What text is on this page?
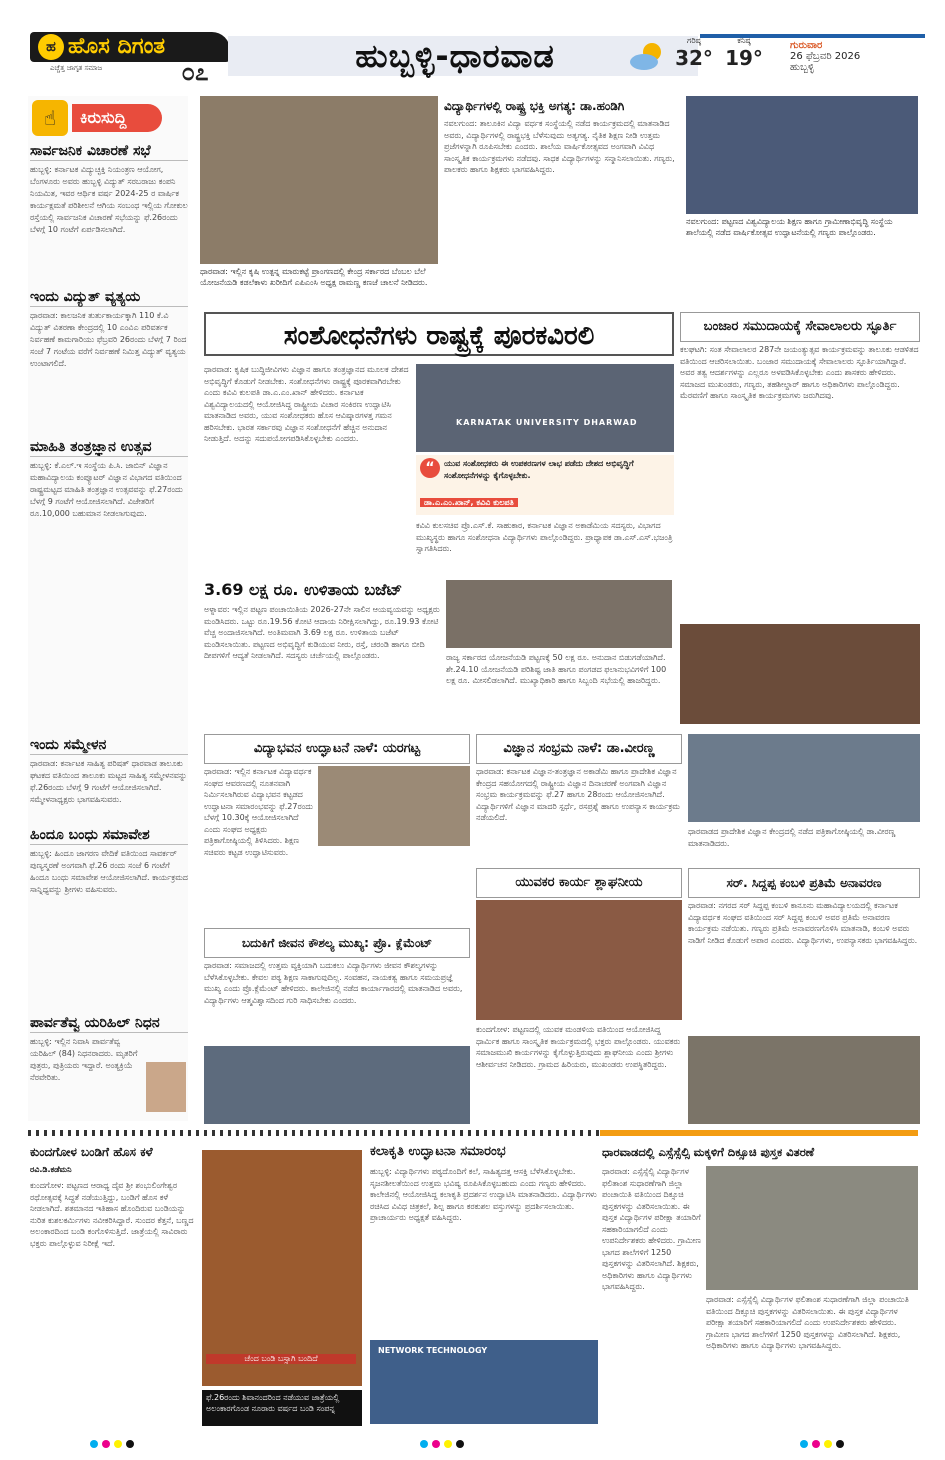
ಹೊಸ ದಿಗಂತ
ಹ
ಎಚ್ಚೆತ್ತ ಜಾಗೃತ ಸಮಾಜ	೦೭	ಹುಬ್ಬಳ್ಳಿ-ಧಾರವಾಡ	ಗರಿಷ್ಠ
32°
ಕನಿಷ್ಠ
19°
ಗುರುವಾರ
26 ಫೆಬ್ರವರಿ 2026
ಹುಬ್ಬಳ್ಳಿ
☝	ಕಿರುಸುದ್ದಿ
ಸಾರ್ವಜನಿಕ ವಿಚಾರಣೆ ಸಭೆ
ಹುಬ್ಬಳ್ಳಿ: ಕರ್ನಾಟಕ ವಿದ್ಯುಚ್ಛಕ್ತಿ ನಿಯಂತ್ರಣ ಆಯೋಗ, ಬೆಂಗಳೂರು ಅವರು ಹುಬ್ಬಳ್ಳಿ ವಿದ್ಯುತ್ ಸರಬರಾಜು ಕಂಪನಿ ನಿಯಮಿತ, ಇವರ ಆರ್ಥಿಕ ವರ್ಷ 2024-25 ರ ವಾರ್ಷಿಕ ಕಾರ್ಯಕ್ಷಮತೆ ಪರಿಶೀಲನೆ ಆಗಿಯ ಸಂಬಂಧ ಇಲ್ಲಿಯ ಗೋಕುಲ ರಸ್ತೆಯಲ್ಲಿ ಸಾರ್ವಜನಿಕ ವಿಚಾರಣೆ ಸಭೆಯನ್ನು ಫೆ.26ರಂದು ಬೆಳಗ್ಗೆ 10 ಗಂಟೆಗೆ ಏರ್ಪಡಿಸಲಾಗಿದೆ.
ಇಂದು ವಿದ್ಯುತ್ ವ್ಯತ್ಯಯ
ಧಾರವಾಡ: ಕಾಲಜನಿಕ ತುರ್ತುಕಾರ್ಯಕ್ಕಾಗಿ 110 ಕೆ.ವಿ ವಿದ್ಯುತ್ ವಿತರಣಾ ಕೇಂದ್ರದಲ್ಲಿ 10 ಎಂವಿಎ ಪರಿವರ್ತಕ ನಿರ್ವಹಣೆ ಕಾಮಗಾರಿಯು ಫೆಬ್ರವರಿ 26ರಂದು ಬೆಳಗ್ಗೆ 7 ರಿಂದ ಸಂಜೆ 7 ಗಂಟೆಯ ವರೆಗೆ ನಿರ್ವಹಣೆ ನಿಮಿತ್ತ ವಿದ್ಯುತ್ ವ್ಯತ್ಯಯ ಉಂಟಾಗಲಿದೆ.
ಮಾಹಿತಿ ತಂತ್ರಜ್ಞಾನ ಉತ್ಸವ
ಹುಬ್ಬಳ್ಳಿ: ಕೆ.ಎಲ್.ಇ ಸಂಸ್ಥೆಯ ಪಿ.ಸಿ. ಜಾಬಿನ್ ವಿಜ್ಞಾನ ಮಹಾವಿದ್ಯಾಲಯ ಕಂಪ್ಯೂಟರ್ ವಿಜ್ಞಾನ ವಿಭಾಗದ ವತಿಯಿಂದ ರಾಷ್ಟ್ರಮಟ್ಟದ ಮಾಹಿತಿ ತಂತ್ರಜ್ಞಾನ ಉತ್ಸವವನ್ನು ಫೆ.27ರಂದು ಬೆಳಗ್ಗೆ 9 ಗಂಟೆಗೆ ಆಯೋಜಿಸಲಾಗಿದೆ. ವಿಜೇತರಿಗೆ ರೂ.10,000 ಬಹುಮಾನ ನೀಡಲಾಗುವುದು.
ಇಂದು ಸಮ್ಮೇಳನ
ಧಾರವಾಡ: ಕರ್ನಾಟಕ ಸಾಹಿತ್ಯ ಪರಿಷತ್ ಧಾರವಾಡ ತಾಲೂಕು ಘಟಕದ ವತಿಯಿಂದ ತಾಲೂಕು ಮಟ್ಟದ ಸಾಹಿತ್ಯ ಸಮ್ಮೇಳನವನ್ನು ಫೆ.26ರಂದು ಬೆಳಗ್ಗೆ 9 ಗಂಟೆಗೆ ಆಯೋಜಿಸಲಾಗಿದೆ. ಸಮ್ಮೇಳನಾಧ್ಯಕ್ಷರು ಭಾಗವಹಿಸುವರು.
ಹಿಂದೂ ಬಂಧು ಸಮಾವೇಶ
ಹುಬ್ಬಳ್ಳಿ: ಹಿಂದೂ ಜಾಗರಣ ವೇದಿಕೆ ವತಿಯಿಂದ ಸಾವರ್ಕರ್ ಪುಣ್ಯಸ್ಮರಣೆ ಅಂಗವಾಗಿ ಫೆ.26 ರಂದು ಸಂಜೆ 6 ಗಂಟೆಗೆ ಹಿಂದೂ ಬಂಧು ಸಮಾವೇಶ ಆಯೋಜಿಸಲಾಗಿದೆ. ಕಾರ್ಯಕ್ರಮದ ಸಾನ್ನಿಧ್ಯವನ್ನು ಶ್ರೀಗಳು ವಹಿಸುವರು.
ಪಾರ್ವತೆವ್ವ ಯರಿಹಿಲ್ ನಿಧನ
ಹುಬ್ಬಳ್ಳಿ: ಇಲ್ಲಿನ ನಿವಾಸಿ ಪಾರ್ವತೆವ್ವ ಯರಿಹಿಲ್ (84) ನಿಧನರಾದರು. ಮೃತರಿಗೆ ಪುತ್ರರು, ಪುತ್ರಿಯರು ಇದ್ದಾರೆ. ಅಂತ್ಯಕ್ರಿಯೆ ನೆರವೇರಿತು.
ಧಾರವಾಡ: ಇಲ್ಲಿನ ಕೃಷಿ ಉತ್ಪನ್ನ ಮಾರುಕಟ್ಟೆ ಪ್ರಾಂಗಣದಲ್ಲಿ ಕೇಂದ್ರ ಸರ್ಕಾರದ ಬೆಂಬಲ ಬೆಲೆ ಯೋಜನೆಯಡಿ ಕಡಲೆಕಾಳು ಖರೀದಿಗೆ ಎಪಿಎಂಸಿ ಅಧ್ಯಕ್ಷ ರಾಮಣ್ಣ ಕಣಜೆ ಚಾಲನೆ ನೀಡಿದರು.
ವಿದ್ಯಾರ್ಥಿಗಳಲ್ಲಿ ರಾಷ್ಟ್ರ ಭಕ್ತಿ ಅಗತ್ಯ: ಡಾ.ಹಂಡಿಗಿ
ನವಲಗುಂದ: ತಾಲೂಕಿನ ವಿದ್ಯಾ ವರ್ಧಕ ಸಂಸ್ಥೆಯಲ್ಲಿ ನಡೆದ ಕಾರ್ಯಕ್ರಮದಲ್ಲಿ ಮಾತನಾಡಿದ ಅವರು, ವಿದ್ಯಾರ್ಥಿಗಳಲ್ಲಿ ರಾಷ್ಟ್ರಭಕ್ತಿ ಬೆಳೆಸುವುದು ಅತ್ಯಗತ್ಯ. ನೈತಿಕ ಶಿಕ್ಷಣ ನೀಡಿ ಉತ್ತಮ ಪ್ರಜೆಗಳನ್ನಾಗಿ ರೂಪಿಸಬೇಕು ಎಂದರು. ಶಾಲೆಯ ವಾರ್ಷಿಕೋತ್ಸವದ ಅಂಗವಾಗಿ ವಿವಿಧ ಸಾಂಸ್ಕೃತಿಕ ಕಾರ್ಯಕ್ರಮಗಳು ನಡೆದವು. ಸಾಧಕ ವಿದ್ಯಾರ್ಥಿಗಳನ್ನು ಸನ್ಮಾನಿಸಲಾಯಿತು. ಗಣ್ಯರು, ಪಾಲಕರು ಹಾಗೂ ಶಿಕ್ಷಕರು ಭಾಗವಹಿಸಿದ್ದರು.
ನವಲಗುಂದ: ಪಟ್ಟಣದ ವಿಶ್ವವಿದ್ಯಾಲಯ ಶಿಕ್ಷಣ ಹಾಗೂ ಗ್ರಾಮೀಣಾಭಿವೃದ್ಧಿ ಸಂಸ್ಥೆಯ ಶಾಲೆಯಲ್ಲಿ ನಡೆದ ವಾರ್ಷಿಕೋತ್ಸವ ಉದ್ಘಾಟನೆಯಲ್ಲಿ ಗಣ್ಯರು ಪಾಲ್ಗೊಂಡರು.
ಸಂಶೋಧನೆಗಳು ರಾಷ್ಟ್ರಕ್ಕೆ ಪೂರಕವಿರಲಿ
ಧಾರವಾಡ: ಕೃಷಿಕ ಬುದ್ಧಿಜೀವಿಗಳು ವಿಜ್ಞಾನ ಹಾಗೂ ತಂತ್ರಜ್ಞಾನದ ಮೂಲಕ ದೇಶದ ಅಭಿವೃದ್ಧಿಗೆ ಕೊಡುಗೆ ನೀಡಬೇಕು. ಸಂಶೋಧನೆಗಳು ರಾಷ್ಟ್ರಕ್ಕೆ ಪೂರಕವಾಗಿರಬೇಕು ಎಂದು ಕವಿವಿ ಕುಲಪತಿ ಡಾ.ಎ.ಎಂ.ಖಾನ್ ಹೇಳಿದರು. ಕರ್ನಾಟಕ ವಿಶ್ವವಿದ್ಯಾಲಯದಲ್ಲಿ ಆಯೋಜಿಸಿದ್ದ ರಾಷ್ಟ್ರೀಯ ವಿಚಾರ ಸಂಕಿರಣ ಉದ್ಘಾಟಿಸಿ ಮಾತನಾಡಿದ ಅವರು, ಯುವ ಸಂಶೋಧಕರು ಹೊಸ ಆವಿಷ್ಕಾರಗಳತ್ತ ಗಮನ ಹರಿಸಬೇಕು. ಭಾರತ ಸರ್ಕಾರವು ವಿಜ್ಞಾನ ಸಂಶೋಧನೆಗೆ ಹೆಚ್ಚಿನ ಅನುದಾನ ನೀಡುತ್ತಿದೆ. ಅದನ್ನು ಸದುಪಯೋಗಪಡಿಸಿಕೊಳ್ಳಬೇಕು ಎಂದರು.
KARNATAK UNIVERSITY DHARWAD
“	ಯುವ ಸಂಶೋಧಕರು ಈ ಉಪಕರಣಗಳ ಲಾಭ ಪಡೆದು ದೇಶದ ಅಭಿವೃದ್ಧಿಗೆ ಸಂಶೋಧನೆಗಳನ್ನು ಕೈಗೊಳ್ಳಬೇಕು.
ಡಾ.ಎ.ಎಂ.ಖಾನ್, ಕವಿವಿ ಕುಲಪತಿ
ಕವಿವಿ ಕುಲಸಚಿವ ಪ್ರೊ.ಎಸ್.ಕೆ. ಸಾಹುಕಾರ, ಕರ್ನಾಟಕ ವಿಜ್ಞಾನ ಅಕಾಡೆಮಿಯ ಸದಸ್ಯರು, ವಿಭಾಗದ ಮುಖ್ಯಸ್ಥರು ಹಾಗೂ ಸಂಶೋಧನಾ ವಿದ್ಯಾರ್ಥಿಗಳು ಪಾಲ್ಗೊಂಡಿದ್ದರು. ಪ್ರಾಧ್ಯಾಪಕ ಡಾ.ಎಸ್.ಎಸ್.ಭಜಂತ್ರಿ ಸ್ವಾಗತಿಸಿದರು.
ಬಂಜಾರ ಸಮುದಾಯಕ್ಕೆ ಸೇವಾಲಾಲರು ಸ್ಫೂರ್ತಿ
ಕಲಘಟಗಿ: ಸಂತ ಸೇವಾಲಾಲರ 287ನೇ ಜಯಂತ್ಯುತ್ಸವ ಕಾರ್ಯಕ್ರಮವನ್ನು ತಾಲೂಕು ಆಡಳಿತದ ವತಿಯಿಂದ ಆಚರಿಸಲಾಯಿತು. ಬಂಜಾರ ಸಮುದಾಯಕ್ಕೆ ಸೇವಾಲಾಲರು ಸ್ಫೂರ್ತಿಯಾಗಿದ್ದಾರೆ. ಅವರ ತತ್ವ ಆದರ್ಶಗಳನ್ನು ಎಲ್ಲರೂ ಅಳವಡಿಸಿಕೊಳ್ಳಬೇಕು ಎಂದು ಶಾಸಕರು ಹೇಳಿದರು. ಸಮಾಜದ ಮುಖಂಡರು, ಗಣ್ಯರು, ತಹಶೀಲ್ದಾರ್ ಹಾಗೂ ಅಧಿಕಾರಿಗಳು ಪಾಲ್ಗೊಂಡಿದ್ದರು. ಮೆರವಣಿಗೆ ಹಾಗೂ ಸಾಂಸ್ಕೃತಿಕ ಕಾರ್ಯಕ್ರಮಗಳು ಜರುಗಿದವು.
3.69 ಲಕ್ಷ ರೂ. ಉಳಿತಾಯ ಬಜೆಟ್
ಅಳ್ನಾವರ: ಇಲ್ಲಿನ ಪಟ್ಟಣ ಪಂಚಾಯಿತಿಯ 2026-27ನೇ ಸಾಲಿನ ಆಯವ್ಯಯವನ್ನು ಅಧ್ಯಕ್ಷರು ಮಂಡಿಸಿದರು. ಒಟ್ಟು ರೂ.19.56 ಕೋಟಿ ಆದಾಯ ನಿರೀಕ್ಷಿಸಲಾಗಿದ್ದು, ರೂ.19.93 ಕೋಟಿ ವೆಚ್ಚ ಅಂದಾಜಿಸಲಾಗಿದೆ. ಅಂತಿಮವಾಗಿ 3.69 ಲಕ್ಷ ರೂ. ಉಳಿತಾಯ ಬಜೆಟ್ ಮಂಡಿಸಲಾಯಿತು. ಪಟ್ಟಣದ ಅಭಿವೃದ್ಧಿಗೆ ಕುಡಿಯುವ ನೀರು, ರಸ್ತೆ, ಚರಂಡಿ ಹಾಗೂ ಬೀದಿ ದೀಪಗಳಿಗೆ ಆದ್ಯತೆ ನೀಡಲಾಗಿದೆ. ಸದಸ್ಯರು ಚರ್ಚೆಯಲ್ಲಿ ಪಾಲ್ಗೊಂಡರು.	ರಾಜ್ಯ ಸರ್ಕಾರದ ಯೋಜನೆಯಡಿ ಪಟ್ಟಣಕ್ಕೆ 50 ಲಕ್ಷ ರೂ. ಅನುದಾನ ಬಿಡುಗಡೆಯಾಗಿದೆ. ಶೇ.24.10 ಯೋಜನೆಯಡಿ ಪರಿಶಿಷ್ಟ ಜಾತಿ ಹಾಗೂ ಪಂಗಡದ ಫಲಾನುಭವಿಗಳಿಗೆ 100 ಲಕ್ಷ ರೂ. ಮೀಸಲಿಡಲಾಗಿದೆ. ಮುಖ್ಯಾಧಿಕಾರಿ ಹಾಗೂ ಸಿಬ್ಬಂದಿ ಸಭೆಯಲ್ಲಿ ಹಾಜರಿದ್ದರು.
ವಿದ್ಯಾಭವನ ಉದ್ಘಾಟನೆ ನಾಳೆ: ಯರಗಟ್ಟ
ಧಾರವಾಡ: ಇಲ್ಲಿನ ಕರ್ನಾಟಕ ವಿದ್ಯಾವರ್ಧಕ ಸಂಘದ ಆವರಣದಲ್ಲಿ ನೂತನವಾಗಿ ನಿರ್ಮಿಸಲಾಗಿರುವ ವಿದ್ಯಾಭವನ ಕಟ್ಟಡದ ಉದ್ಘಾಟನಾ ಸಮಾರಂಭವನ್ನು ಫೆ.27ರಂದು ಬೆಳಗ್ಗೆ 10.30ಕ್ಕೆ ಆಯೋಜಿಸಲಾಗಿದೆ ಎಂದು ಸಂಘದ ಅಧ್ಯಕ್ಷರು ಪತ್ರಿಕಾಗೋಷ್ಠಿಯಲ್ಲಿ ತಿಳಿಸಿದರು. ಶಿಕ್ಷಣ ಸಚಿವರು ಕಟ್ಟಡ ಉದ್ಘಾಟಿಸುವರು.
ವಿಜ್ಞಾನ ಸಂಭ್ರಮ ನಾಳೆ: ಡಾ.ವೀರಣ್ಣ
ಧಾರವಾಡ: ಕರ್ನಾಟಕ ವಿಜ್ಞಾನ-ತಂತ್ರಜ್ಞಾನ ಅಕಾಡೆಮಿ ಹಾಗೂ ಪ್ರಾದೇಶಿಕ ವಿಜ್ಞಾನ ಕೇಂದ್ರದ ಸಹಯೋಗದಲ್ಲಿ ರಾಷ್ಟ್ರೀಯ ವಿಜ್ಞಾನ ದಿನಾಚರಣೆ ಅಂಗವಾಗಿ ವಿಜ್ಞಾನ ಸಂಭ್ರಮ ಕಾರ್ಯಕ್ರಮವನ್ನು ಫೆ.27 ಹಾಗೂ 28ರಂದು ಆಯೋಜಿಸಲಾಗಿದೆ. ವಿದ್ಯಾರ್ಥಿಗಳಿಗೆ ವಿಜ್ಞಾನ ಮಾದರಿ ಸ್ಪರ್ಧೆ, ರಸಪ್ರಶ್ನೆ ಹಾಗೂ ಉಪನ್ಯಾಸ ಕಾರ್ಯಕ್ರಮ ನಡೆಯಲಿದೆ.
ಧಾರವಾಡದ ಪ್ರಾದೇಶಿಕ ವಿಜ್ಞಾನ ಕೇಂದ್ರದಲ್ಲಿ ನಡೆದ ಪತ್ರಿಕಾಗೋಷ್ಠಿಯಲ್ಲಿ ಡಾ.ವೀರಣ್ಣ ಮಾತನಾಡಿದರು.
ಬದುಕಿಗೆ ಜೀವನ ಕೌಶಲ್ಯ ಮುಖ್ಯ: ಪ್ರೊ. ಕ್ಲೆಮೆಂಟ್
ಧಾರವಾಡ: ಸಮಾಜದಲ್ಲಿ ಉತ್ತಮ ವ್ಯಕ್ತಿಯಾಗಿ ಬದುಕಲು ವಿದ್ಯಾರ್ಥಿಗಳು ಜೀವನ ಕೌಶಲ್ಯಗಳನ್ನು ಬೆಳೆಸಿಕೊಳ್ಳಬೇಕು. ಕೇವಲ ಪಠ್ಯ ಶಿಕ್ಷಣ ಸಾಕಾಗುವುದಿಲ್ಲ. ಸಂವಹನ, ನಾಯಕತ್ವ ಹಾಗೂ ಸಮಯಪ್ರಜ್ಞೆ ಮುಖ್ಯ ಎಂದು ಪ್ರೊ.ಕ್ಲೆಮೆಂಟ್ ಹೇಳಿದರು. ಕಾಲೇಜಿನಲ್ಲಿ ನಡೆದ ಕಾರ್ಯಾಗಾರದಲ್ಲಿ ಮಾತನಾಡಿದ ಅವರು, ವಿದ್ಯಾರ್ಥಿಗಳು ಆತ್ಮವಿಶ್ವಾಸದಿಂದ ಗುರಿ ಸಾಧಿಸಬೇಕು ಎಂದರು.
ಯುವಕರ ಕಾರ್ಯ ಶ್ಲಾಘನೀಯ
ಕುಂದಗೋಳ: ಪಟ್ಟಣದಲ್ಲಿ ಯುವಕ ಮಂಡಳಿಯ ವತಿಯಿಂದ ಆಯೋಜಿಸಿದ್ದ ಧಾರ್ಮಿಕ ಹಾಗೂ ಸಾಂಸ್ಕೃತಿಕ ಕಾರ್ಯಕ್ರಮದಲ್ಲಿ ಭಕ್ತರು ಪಾಲ್ಗೊಂಡರು. ಯುವಕರು ಸಮಾಜಮುಖಿ ಕಾರ್ಯಗಳನ್ನು ಕೈಗೊಳ್ಳುತ್ತಿರುವುದು ಶ್ಲಾಘನೀಯ ಎಂದು ಶ್ರೀಗಳು ಆಶೀರ್ವಚನ ನೀಡಿದರು. ಗ್ರಾಮದ ಹಿರಿಯರು, ಮುಖಂಡರು ಉಪಸ್ಥಿತರಿದ್ದರು.
ಸರ್. ಸಿದ್ದಪ್ಪ ಕಂಬಳಿ ಪ್ರತಿಮೆ ಅನಾವರಣ
ಧಾರವಾಡ: ನಗರದ ಸರ್ ಸಿದ್ದಪ್ಪ ಕಂಬಳಿ ಕಾನೂನು ಮಹಾವಿದ್ಯಾಲಯದಲ್ಲಿ ಕರ್ನಾಟಕ ವಿದ್ಯಾವರ್ಧಕ ಸಂಘದ ವತಿಯಿಂದ ಸರ್ ಸಿದ್ದಪ್ಪ ಕಂಬಳಿ ಅವರ ಪ್ರತಿಮೆ ಅನಾವರಣ ಕಾರ್ಯಕ್ರಮ ನಡೆಯಿತು. ಗಣ್ಯರು ಪ್ರತಿಮೆ ಅನಾವರಣಗೊಳಿಸಿ ಮಾತನಾಡಿ, ಕಂಬಳಿ ಅವರು ನಾಡಿಗೆ ನೀಡಿದ ಕೊಡುಗೆ ಅಪಾರ ಎಂದರು. ವಿದ್ಯಾರ್ಥಿಗಳು, ಉಪನ್ಯಾಸಕರು ಭಾಗವಹಿಸಿದ್ದರು.
ಕುಂದಗೋಳ ಬಂಡಿಗೆ ಹೊಸ ಕಳೆ
ರವಿ.ಡಿ.ಕಡೆಮನಿ
ಕುಂದಗೋಳ: ಪಟ್ಟಣದ ಆರಾಧ್ಯ ದೈವ ಶ್ರೀ ಶಂಭುಲಿಂಗೇಶ್ವರ ರಥೋತ್ಸವಕ್ಕೆ ಸಿದ್ಧತೆ ನಡೆಯುತ್ತಿದ್ದು, ಬಂಡಿಗೆ ಹೊಸ ಕಳೆ ನೀಡಲಾಗಿದೆ. ಶತಮಾನದ ಇತಿಹಾಸ ಹೊಂದಿರುವ ಬಂಡಿಯನ್ನು ನುರಿತ ಕುಶಲಕರ್ಮಿಗಳು ನವೀಕರಿಸಿದ್ದಾರೆ. ಸುಂದರ ಕೆತ್ತನೆ, ಬಣ್ಣದ ಅಲಂಕಾರದಿಂದ ಬಂಡಿ ಕಂಗೊಳಿಸುತ್ತಿದೆ. ಜಾತ್ರೆಯಲ್ಲಿ ಸಾವಿರಾರು ಭಕ್ತರು ಪಾಲ್ಗೊಳ್ಳುವ ನಿರೀಕ್ಷೆ ಇದೆ.
ಚೆಂದ ಬಂಡಿ ಬಸ್ಸಾಗಿ ಬಂದಿದೆ
ಫೆ.26ರಂದು ಶಿವಾನಂದರಿಂದ ನಡೆಯುವ ಜಾತ್ರೆಯಲ್ಲಿ ಅಲಂಕಾರಗೊಂಡ ನೂರಾರು ವರ್ಷದ ಬಂಡಿ ಸಂಪನ್ನ
ಕಲಾಕೃತಿ ಉದ್ಘಾಟನಾ ಸಮಾರಂಭ
ಹುಬ್ಬಳ್ಳಿ: ವಿದ್ಯಾರ್ಥಿಗಳು ಪಠ್ಯದೊಂದಿಗೆ ಕಲೆ, ಸಾಹಿತ್ಯದತ್ತ ಆಸಕ್ತಿ ಬೆಳೆಸಿಕೊಳ್ಳಬೇಕು. ಸೃಜನಶೀಲತೆಯಿಂದ ಉತ್ತಮ ಭವಿಷ್ಯ ರೂಪಿಸಿಕೊಳ್ಳಬಹುದು ಎಂದು ಗಣ್ಯರು ಹೇಳಿದರು. ಕಾಲೇಜಿನಲ್ಲಿ ಆಯೋಜಿಸಿದ್ದ ಕಲಾಕೃತಿ ಪ್ರದರ್ಶನ ಉದ್ಘಾಟಿಸಿ ಮಾತನಾಡಿದರು. ವಿದ್ಯಾರ್ಥಿಗಳು ರಚಿಸಿದ ವಿವಿಧ ಚಿತ್ರಕಲೆ, ಶಿಲ್ಪ ಹಾಗೂ ಕರಕುಶಲ ವಸ್ತುಗಳನ್ನು ಪ್ರದರ್ಶಿಸಲಾಯಿತು. ಪ್ರಾಚಾರ್ಯರು ಅಧ್ಯಕ್ಷತೆ ವಹಿಸಿದ್ದರು.
NETWORK TECHNOLOGY
ಧಾರವಾಡದಲ್ಲಿ ಎಸ್ಸೆಸ್ಸೆಲ್ಸಿ ಮಕ್ಕಳಿಗೆ ದಿಕ್ಸೂಚಿ ಪುಸ್ತಕ ವಿತರಣೆ
ಧಾರವಾಡ: ಎಸ್ಸೆಸ್ಸೆಲ್ಸಿ ವಿದ್ಯಾರ್ಥಿಗಳ ಫಲಿತಾಂಶ ಸುಧಾರಣೆಗಾಗಿ ಜಿಲ್ಲಾ ಪಂಚಾಯಿತಿ ವತಿಯಿಂದ ದಿಕ್ಸೂಚಿ ಪುಸ್ತಕಗಳನ್ನು ವಿತರಿಸಲಾಯಿತು. ಈ ಪುಸ್ತಕ ವಿದ್ಯಾರ್ಥಿಗಳ ಪರೀಕ್ಷಾ ತಯಾರಿಗೆ ಸಹಕಾರಿಯಾಗಲಿದೆ ಎಂದು ಉಪನಿರ್ದೇಶಕರು ಹೇಳಿದರು. ಗ್ರಾಮೀಣ ಭಾಗದ ಶಾಲೆಗಳಿಗೆ 1250 ಪುಸ್ತಕಗಳನ್ನು ವಿತರಿಸಲಾಗಿದೆ. ಶಿಕ್ಷಕರು, ಅಧಿಕಾರಿಗಳು ಹಾಗೂ ವಿದ್ಯಾರ್ಥಿಗಳು ಭಾಗವಹಿಸಿದ್ದರು.
ಧಾರವಾಡ: ಎಸ್ಸೆಸ್ಸೆಲ್ಸಿ ವಿದ್ಯಾರ್ಥಿಗಳ ಫಲಿತಾಂಶ ಸುಧಾರಣೆಗಾಗಿ ಜಿಲ್ಲಾ ಪಂಚಾಯಿತಿ ವತಿಯಿಂದ ದಿಕ್ಸೂಚಿ ಪುಸ್ತಕಗಳನ್ನು ವಿತರಿಸಲಾಯಿತು. ಈ ಪುಸ್ತಕ ವಿದ್ಯಾರ್ಥಿಗಳ ಪರೀಕ್ಷಾ ತಯಾರಿಗೆ ಸಹಕಾರಿಯಾಗಲಿದೆ ಎಂದು ಉಪನಿರ್ದೇಶಕರು ಹೇಳಿದರು. ಗ್ರಾಮೀಣ ಭಾಗದ ಶಾಲೆಗಳಿಗೆ 1250 ಪುಸ್ತಕಗಳನ್ನು ವಿತರಿಸಲಾಗಿದೆ. ಶಿಕ್ಷಕರು, ಅಧಿಕಾರಿಗಳು ಹಾಗೂ ವಿದ್ಯಾರ್ಥಿಗಳು ಭಾಗವಹಿಸಿದ್ದರು.
